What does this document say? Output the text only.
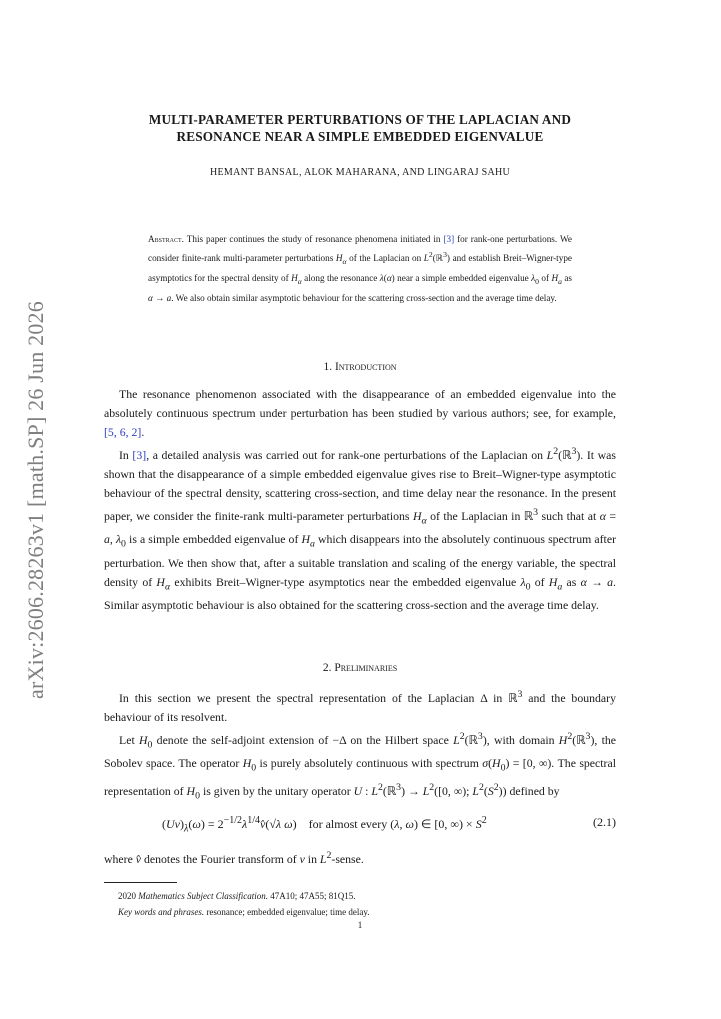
arXiv:2606.28263v1 [math.SP] 26 Jun 2026
MULTI-PARAMETER PERTURBATIONS OF THE LAPLACIAN AND
RESONANCE NEAR A SIMPLE EMBEDDED EIGENVALUE
HEMANT BANSAL, ALOK MAHARANA, AND LINGARAJ SAHU
Abstract. This paper continues the study of resonance phenomena initiated in [3] for rank-one perturbations. We consider finite-rank multi-parameter perturbations $H_\alpha$ of the Laplacian on $L^2(ℝ^3)$ and establish Breit–Wigner-type asymptotics for the spectral density of $H_\alpha$ along the resonance λ(α) near a simple embedded eigenvalue $\lambda_0$ of $H_a$ as α → a. We also obtain similar asymptotic behaviour for the scattering cross-section and the average time delay.
1. Introduction

The resonance phenomenon associated with the disappearance of an embedded eigenvalue into the absolutely continuous spectrum under perturbation has been studied by various authors; see, for example, [5, 6, 2].

In [3], a detailed analysis was carried out for rank-one perturbations of the Laplacian on $L^2(ℝ^3)$. It was shown that the disappearance of a simple embedded eigenvalue gives rise to Breit–Wigner-type asymptotic behaviour of the spectral density, scattering cross-section, and time delay near the resonance. In the present paper, we consider the finite-rank multi-parameter perturbations $H_\alpha$ of the Laplacian in ℝ$^3$ such that at α = a, $\lambda_0$ is a simple embedded eigenvalue of $H_a$ which disappears into the absolutely continuous spectrum after perturbation. We then show that, after a suitable translation and scaling of the energy variable, the spectral density of $H_\alpha$ exhibits Breit–Wigner-type asymptotics near the embedded eigenvalue $\lambda_0$ of $H_a$ as α → a. Similar asymptotic behaviour is also obtained for the scattering cross-section and the average time delay.

2. Preliminaries

In this section we present the spectral representation of the Laplacian Δ in ℝ$^3$ and the boundary behaviour of its resolvent.

Let $H_0$ denote the self-adjoint extension of −Δ on the Hilbert space $L^2(ℝ^3)$, with domain $H^2(ℝ^3)$, the Sobolev space. The operator $H_0$ is purely absolutely continuous with spectrum $\sigma(H_0) = [0$, ∞). The spectral representation of $H_0$ is given by the unitary operator U : $L^2(ℝ^3) \to L^2([0$, ∞); $L^2(S^2)$) defined by

$(Uv)_\lambda(\omega)$ = $2^{-1/2}\lambda^{1/4}v̂(√\lambda$ ω)    for almost every (λ, ω) ∈ [0, ∞) × $S^2$	(2.1)

where v̂ denotes the Fourier transform of v in $L^2$-sense.

2020 Mathematics Subject Classification. 47A10; 47A55; 81Q15.
Key words and phrases. resonance; embedded eigenvalue; time delay.
1
